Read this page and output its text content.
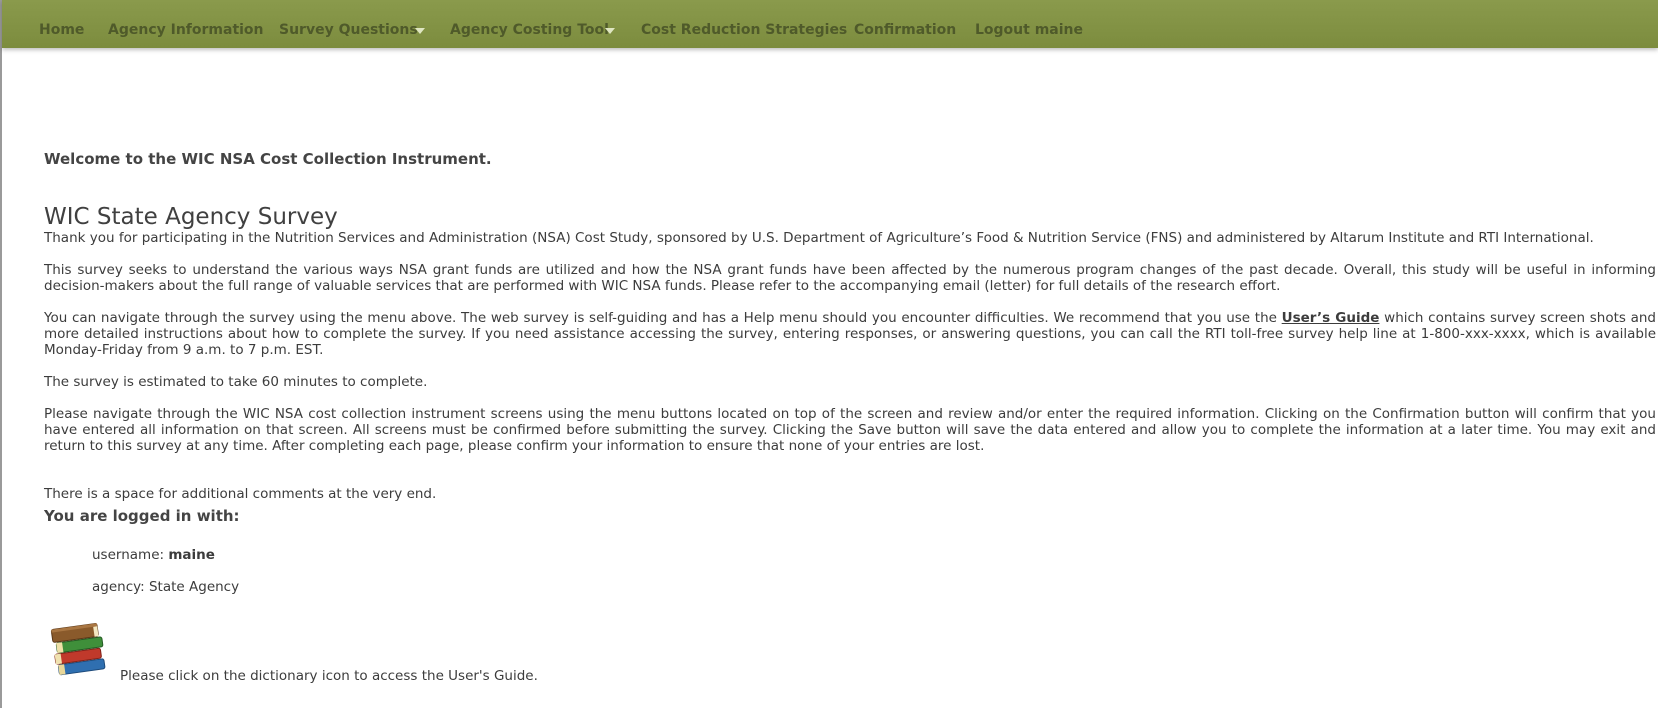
Home Agency Information Survey Questions Agency Costing Tool Cost Reduction Strategies Confirmation Logout maine
Welcome to the WIC NSA Cost Collection Instrument.
WIC State Agency Survey

Thank you for participating in the Nutrition Services and Administration (NSA) Cost Study, sponsored by U.S. Department of Agriculture’s Food & Nutrition Service (FNS) and administered by Altarum Institute and RTI International.

This survey seeks to understand the various ways NSA grant funds are utilized and how the NSA grant funds have been affected by the numerous program changes of the past decade. Overall, this study will be useful in informing decision-makers about the full range of valuable services that are performed with WIC NSA funds. Please refer to the accompanying email (letter) for full details of the research effort.

You can navigate through the survey using the menu above. The web survey is self-guiding and has a Help menu should you encounter difficulties. We recommend that you use the User’s Guide which contains survey screen shots and more detailed instructions about how to complete the survey. If you need assistance accessing the survey, entering responses, or answering questions, you can call the RTI toll-free survey help line at 1-800-xxx-xxxx, which is available Monday-Friday from 9 a.m. to 7 p.m. EST.

The survey is estimated to take 60 minutes to complete.

Please navigate through the WIC NSA cost collection instrument screens using the menu buttons located on top of the screen and review and/or enter the required information. Clicking on the Confirmation button will confirm that you have entered all information on that screen. All screens must be confirmed before submitting the survey. Clicking the Save button will save the data entered and allow you to complete the information at a later time. You may exit and return to this survey at any time. After completing each page, please confirm your information to ensure that none of your entries are lost.

There is a space for additional comments at the very end.

You are logged in with:
username: maine
agency: State Agency
Please click on the dictionary icon to access the User's Guide.
